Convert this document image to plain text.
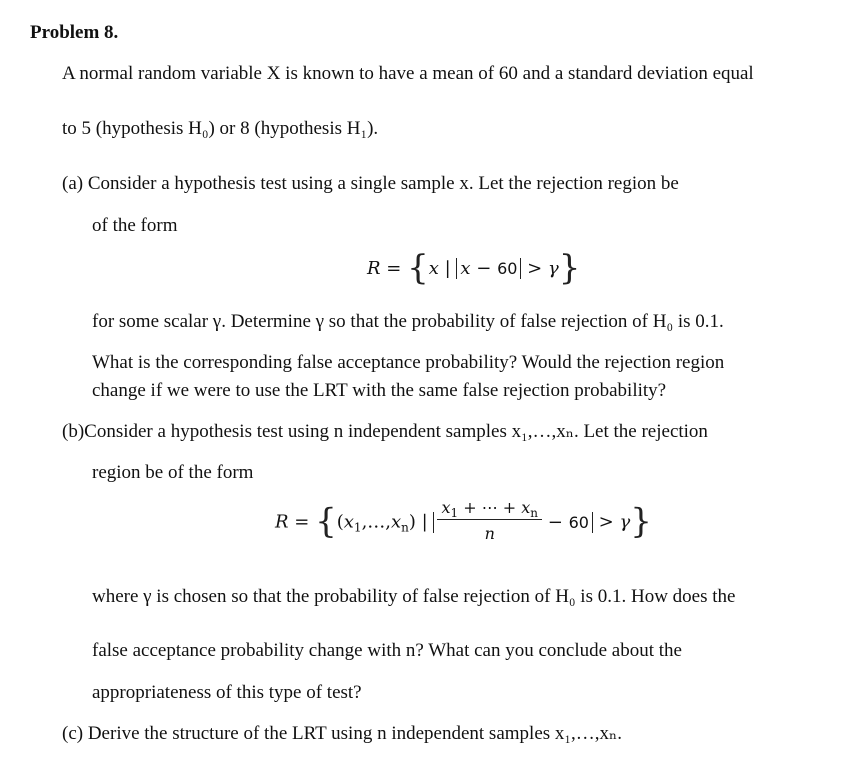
Problem 8.
A normal random variable X is known to have a mean of 60 and a standard deviation equal
to 5 (hypothesis H₀) or 8 (hypothesis H₁).
(a) Consider a hypothesis test using a single sample x. Let the rejection region be
of the form
R = {x | x − 60 > γ}
for some scalar γ. Determine γ so that the probability of false rejection of H₀ is 0.1.
What is the corresponding false acceptance probability? Would the rejection region
change if we were to use the LRT with the same false rejection probability?
(b)Consider a hypothesis test using n independent samples x₁,…,xₙ. Let the rejection
region be of the form
$R = \{(x_1,\dots,x_n)$ | $\frac{x_1 + \cdots + x_n}{n} - 60 > \gamma$}
where γ is chosen so that the probability of false rejection of H₀ is 0.1. How does the
false acceptance probability change with n? What can you conclude about the
appropriateness of this type of test?
(c) Derive the structure of the LRT using n independent samples x₁,…,xₙ.
